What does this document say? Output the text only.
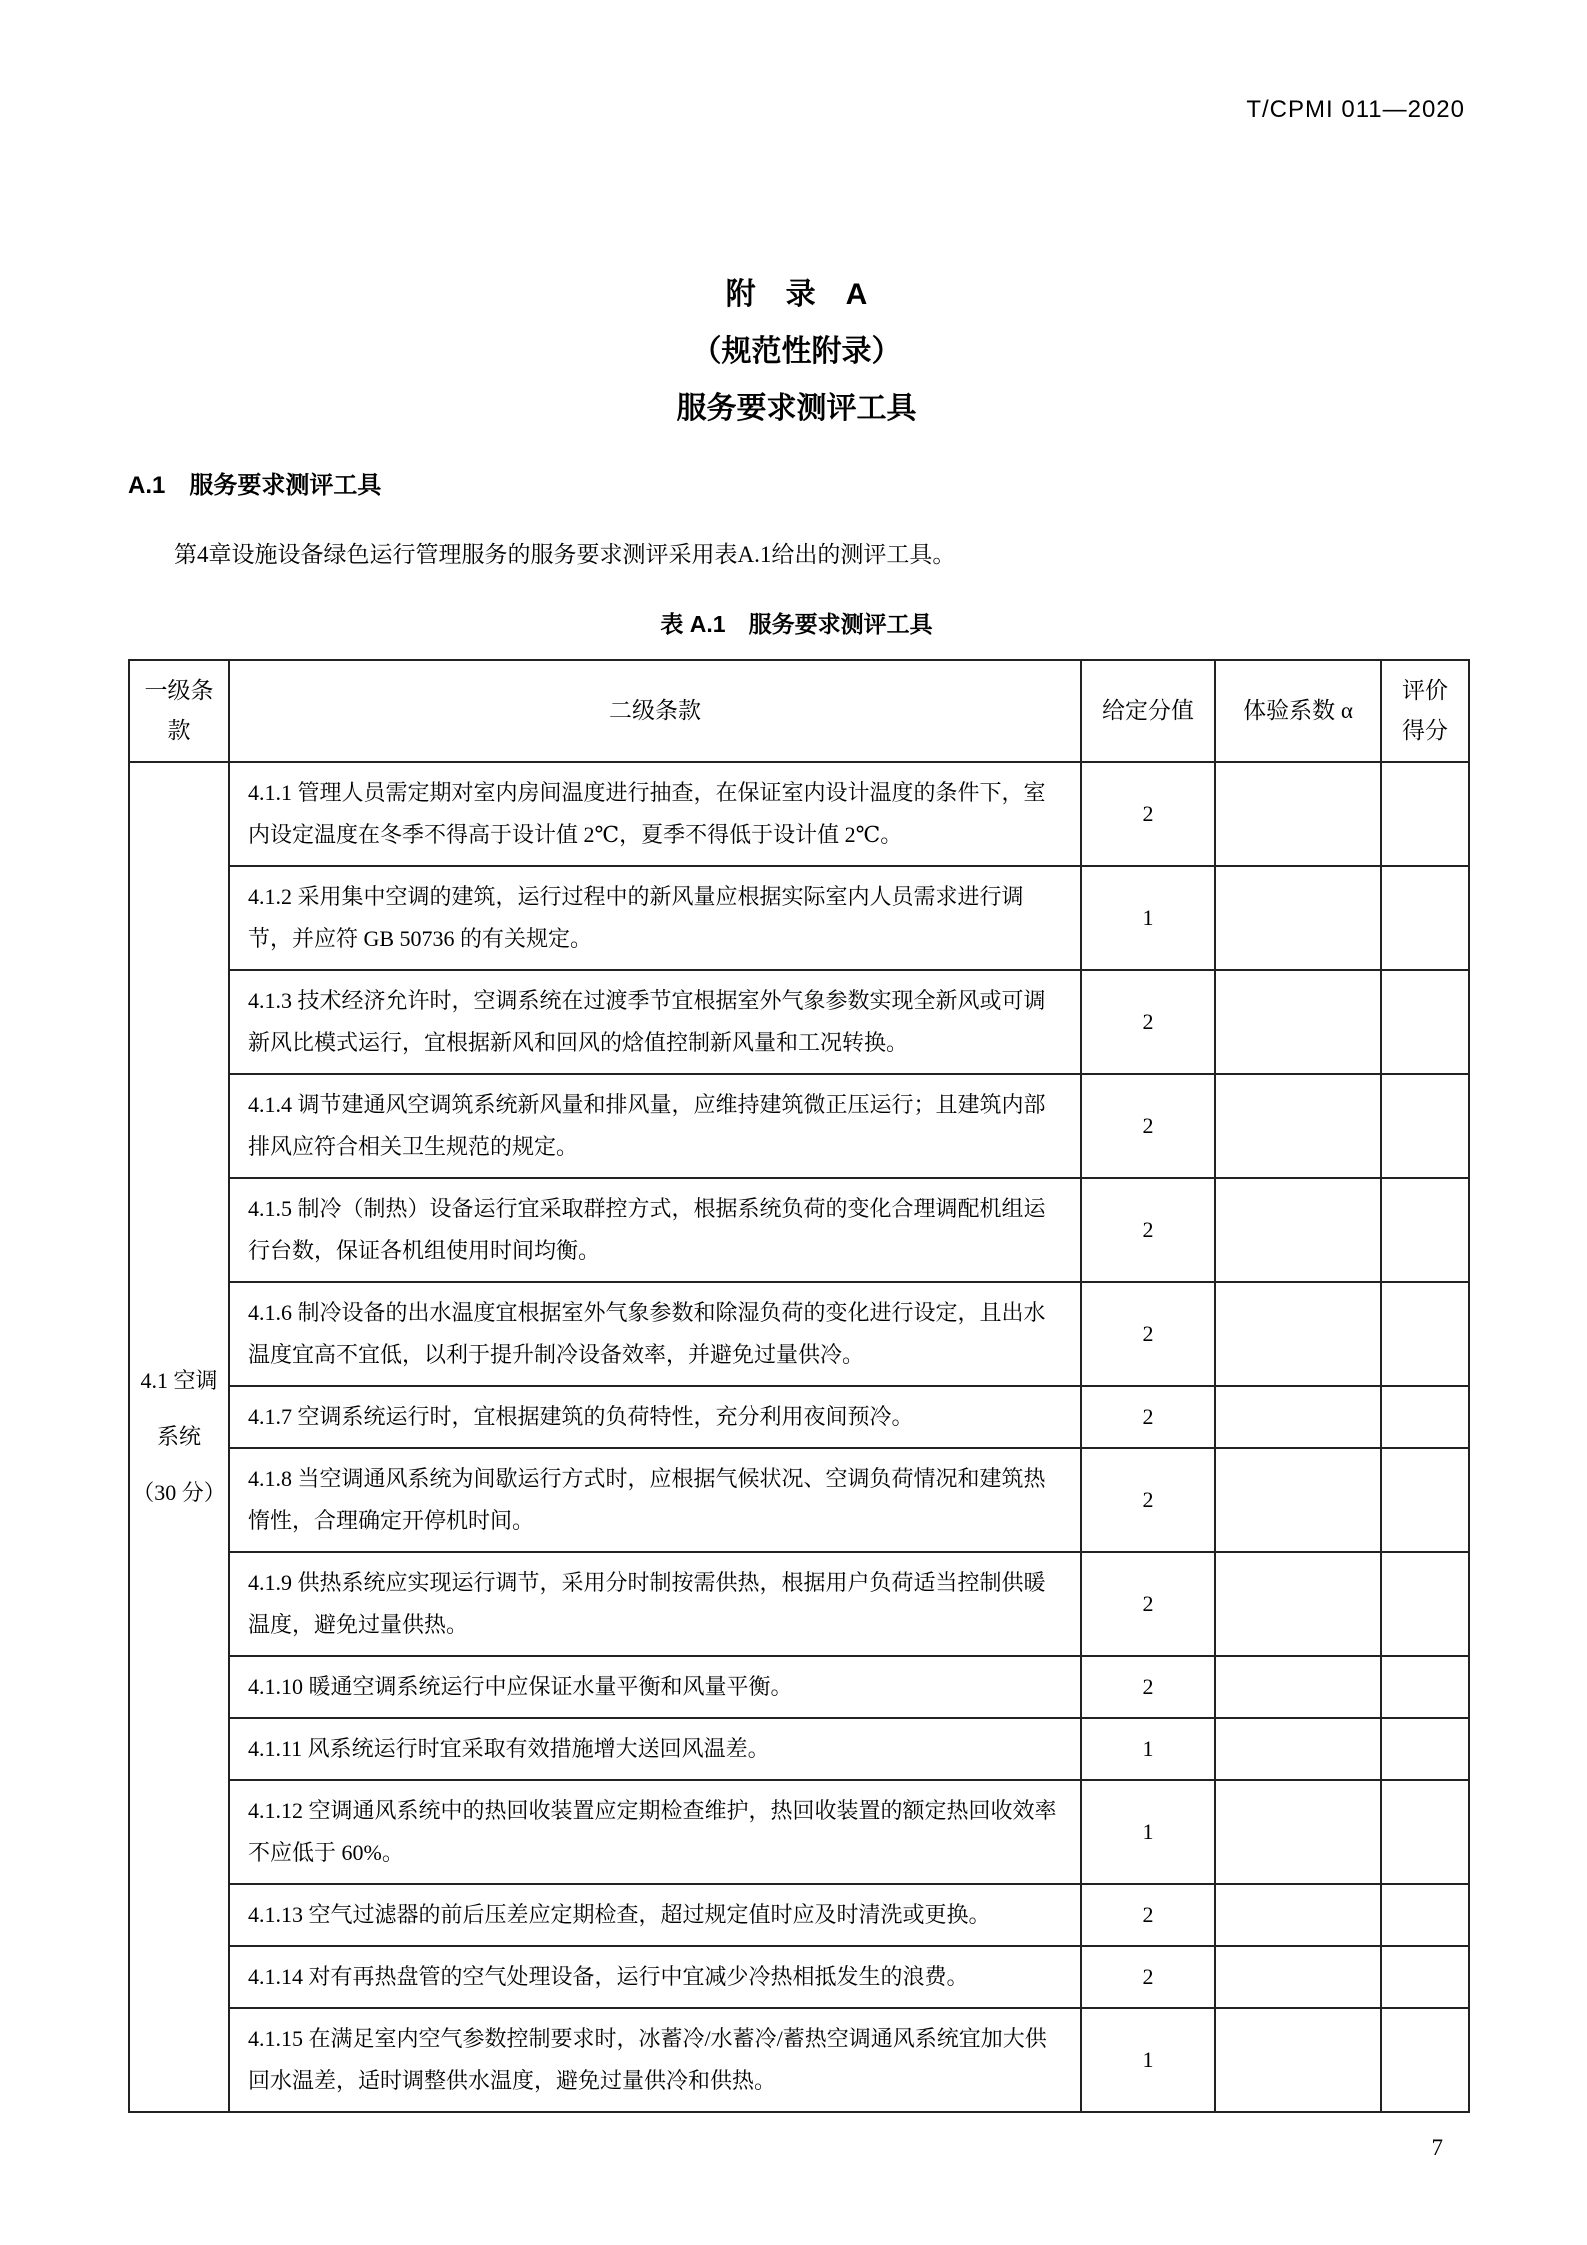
T/CPMI 011—2020
附　录　A
（规范性附录）
服务要求测评工具
A.1　服务要求测评工具
第4章设施设备绿色运行管理服务的服务要求测评采用表A.1给出的测评工具。
表 A.1　服务要求测评工具
一级条款	二级条款	给定分值	体验系数 α	评价
得分

4.1 空调
系统
（30 分）	4.1.1 管理人员需定期对室内房间温度进行抽查，在保证室内设计温度的条件下，室内设定温度在冬季不得高于设计值 2℃，夏季不得低于设计值 2℃。	2		
	4.1.2 采用集中空调的建筑，运行过程中的新风量应根据实际室内人员需求进行调节，并应符 GB 50736 的有关规定。	1		
	4.1.3 技术经济允许时，空调系统在过渡季节宜根据室外气象参数实现全新风或可调新风比模式运行，宜根据新风和回风的焓值控制新风量和工况转换。	2		
	4.1.4 调节建通风空调筑系统新风量和排风量，应维持建筑微正压运行；且建筑内部排风应符合相关卫生规范的规定。	2		
	4.1.5 制冷（制热）设备运行宜采取群控方式，根据系统负荷的变化合理调配机组运行台数，保证各机组使用时间均衡。	2		
	4.1.6 制冷设备的出水温度宜根据室外气象参数和除湿负荷的变化进行设定，且出水温度宜高不宜低，以利于提升制冷设备效率，并避免过量供冷。	2		
	4.1.7 空调系统运行时，宜根据建筑的负荷特性，充分利用夜间预冷。	2		
	4.1.8 当空调通风系统为间歇运行方式时，应根据气候状况、空调负荷情况和建筑热惰性，合理确定开停机时间。	2		
	4.1.9 供热系统应实现运行调节，采用分时制按需供热，根据用户负荷适当控制供暖温度，避免过量供热。	2		
	4.1.10 暖通空调系统运行中应保证水量平衡和风量平衡。	2		
	4.1.11 风系统运行时宜采取有效措施增大送回风温差。	1		
	4.1.12 空调通风系统中的热回收装置应定期检查维护，热回收装置的额定热回收效率不应低于 60%。	1		
	4.1.13 空气过滤器的前后压差应定期检查，超过规定值时应及时清洗或更换。	2		
	4.1.14 对有再热盘管的空气处理设备，运行中宜减少冷热相抵发生的浪费。	2		
	4.1.15 在满足室内空气参数控制要求时，冰蓄冷/水蓄冷/蓄热空调通风系统宜加大供回水温差，适时调整供水温度，避免过量供冷和供热。	1		
7
